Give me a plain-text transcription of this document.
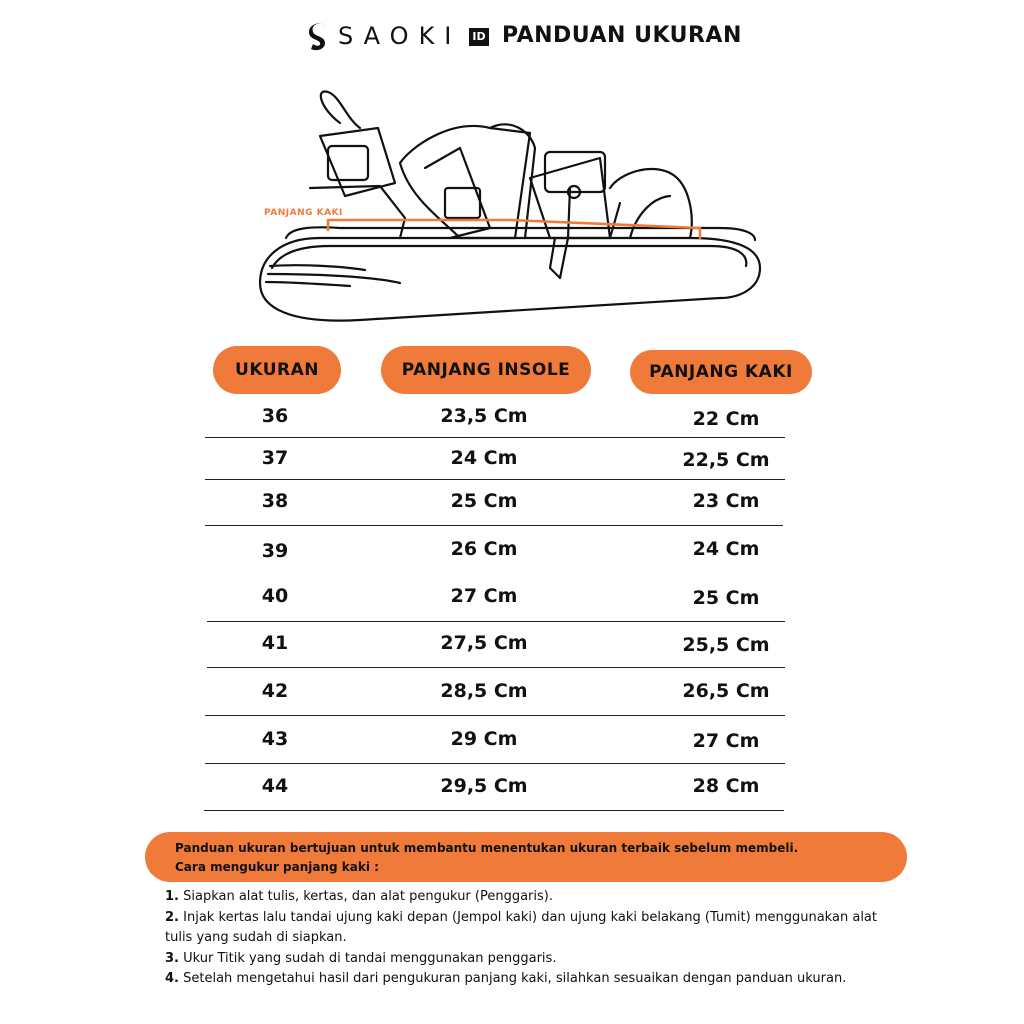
SAOKI ID PANDUAN UKURAN
PANJANG KAKI
UKURAN	PANJANG INSOLE	PANJANG KAKI
36	23,5 Cm	22 Cm
37	24 Cm	22,5 Cm
38	25 Cm	23 Cm
39	26 Cm	24 Cm
40	27 Cm	25 Cm
41	27,5 Cm	25,5 Cm
42	28,5 Cm	26,5 Cm
43	29 Cm	27 Cm
44	29,5 Cm	28 Cm
Panduan ukuran bertujuan untuk membantu menentukan ukuran terbaik sebelum membeli.
Cara mengukur panjang kaki :
1. Siapkan alat tulis, kertas, dan alat pengukur (Penggaris).
2. Injak kertas lalu tandai ujung kaki depan (Jempol kaki) dan ujung kaki belakang (Tumit) menggunakan alat tulis yang sudah di siapkan.
3. Ukur Titik yang sudah di tandai menggunakan penggaris.
4. Setelah mengetahui hasil dari pengukuran panjang kaki, silahkan sesuaikan dengan panduan ukuran.
